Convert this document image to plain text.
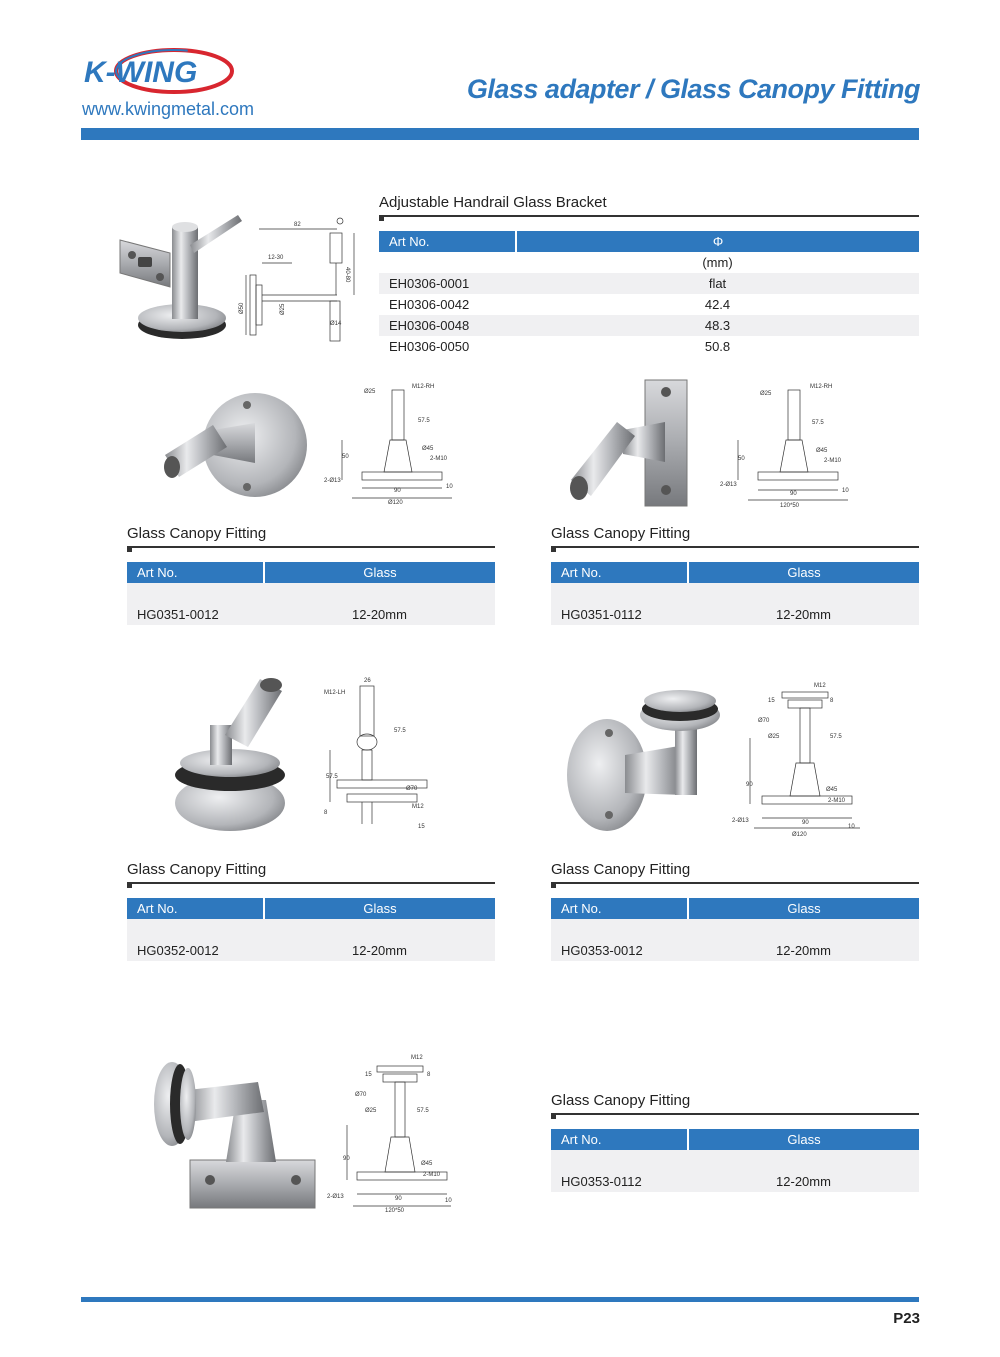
K-WING
www.kwingmetal.com
Glass adapter / Glass Canopy Fitting
82
12-30
Ø50	Ø25
40-80
Ø14
Adjustable Handrail Glass Bracket
Art No.	Φ
	(mm)
EH0306-0001	flat
EH0306-0042	42.4
EH0306-0048	48.3
EH0306-0050	50.8
Ø25
M12-RH
57.5
Ø45
50	2-M10
2-Ø13
90
10
Ø120
Glass Canopy Fitting
Art No.	Glass

HG0351-0012	12-20mm
Ø25
M12-RH
57.5
Ø45
50	2-M10
2-Ø13
90	10
120*50
Glass Canopy Fitting
Art No.	Glass

HG0351-0112	12-20mm
26
M12-LH
57.5
57.5
Ø70
M12
8
15
Glass Canopy Fitting
Art No.	Glass

HG0352-0012	12-20mm
M12
15	8
Ø70
Ø25	57.5
90
Ø45
2-M10
2-Ø13	90
10
Ø120
Glass Canopy Fitting
Art No.	Glass

HG0353-0012	12-20mm
M12
15	8
Ø70
Ø25	57.5
90
Ø45
2-M10
2-Ø13	90	10
120*50
Glass Canopy Fitting
Art No.	Glass

HG0353-0112	12-20mm
P23
